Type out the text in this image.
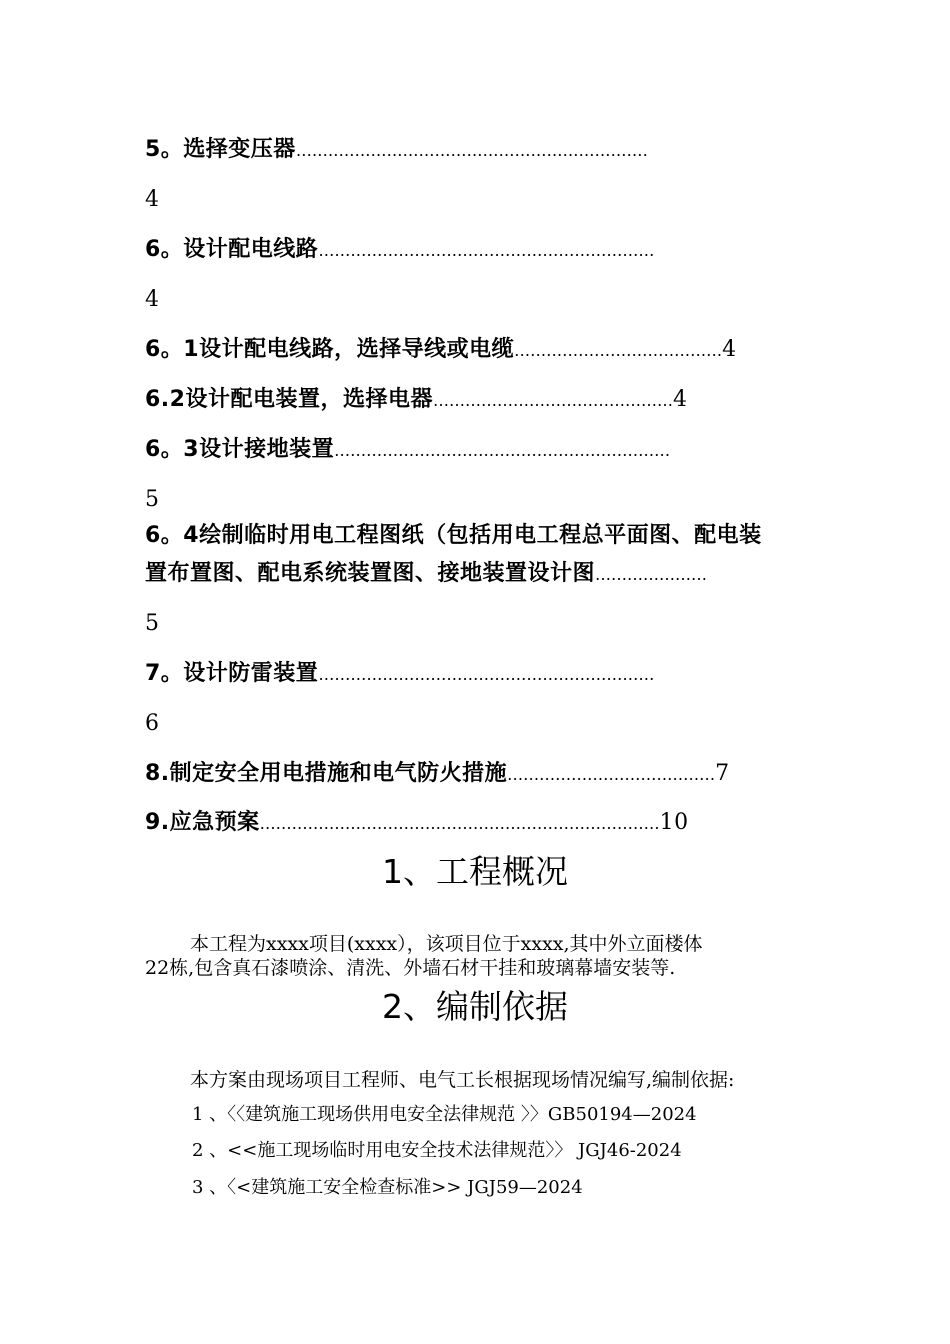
5。选择变压器…………………………………………………………
4
6。设计配电线路………………………………………………………
4
6。1设计配电线路，选择导线或电缆…………………………………4
6.2设计配电装置，选择电器………………………………………4
6。3设计接地装置………………………………………………………
5
6。4绘制临时用电工程图纸（包括用电工程总平面图、配电装
置布置图、配电系统装置图、接地装置设计图…………………
5
7。设计防雷装置………………………………………………………
6
8.制定安全用电措施和电气防火措施…………………………………7
9.应急预案…………………………………………………………………10
1、工程概况
本工程为xxxx项目(xxxx），该项目位于xxxx,其中外立面楼体
22栋,包含真石漆喷涂、清洗、外墙石材干挂和玻璃幕墙安装等.
2、编制依据
本方案由现场项目工程师、电气工长根据现场情况编写,编制依据:
1 、〈〈建筑施工现场供用电安全法律规范 〉〉GB50194—2024
2 、<<施工现场临时用电安全技术法律规范〉〉 JGJ46-2024
3 、〈<建筑施工安全检查标准>> JGJ59—2024
